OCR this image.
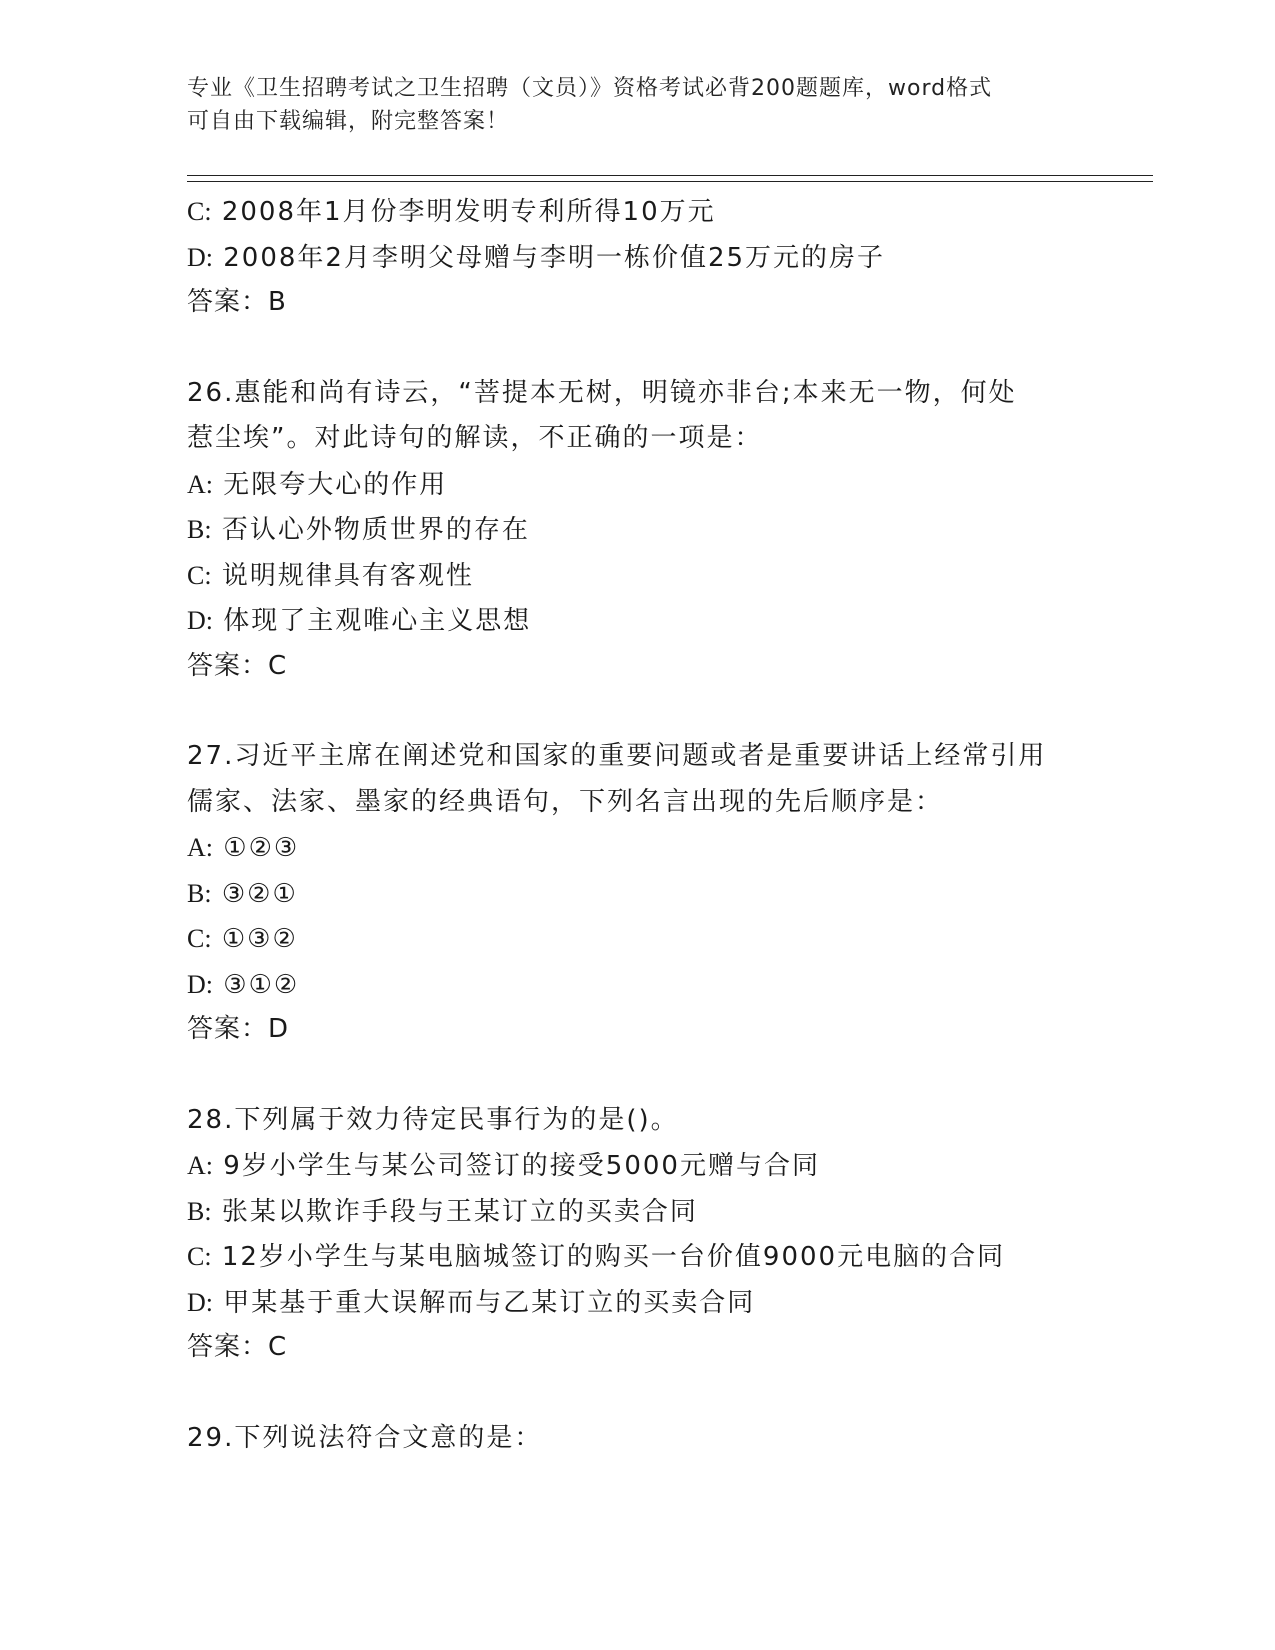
专业《卫生招聘考试之卫生招聘（文员）》资格考试必背200题题库，word格式
可自由下载编辑，附完整答案！
C: 2008年1月份李明发明专利所得10万元
D: 2008年2月李明父母赠与李明一栋价值25万元的房子
答案：B
26.惠能和尚有诗云，“菩提本无树，明镜亦非台;本来无一物，何处
惹尘埃”。对此诗句的解读，不正确的一项是：
A: 无限夸大心的作用
B: 否认心外物质世界的存在
C: 说明规律具有客观性
D: 体现了主观唯心主义思想
答案：C
27.习近平主席在阐述党和国家的重要问题或者是重要讲话上经常引用
儒家、法家、墨家的经典语句，下列名言出现的先后顺序是：
A: ①②③
B: ③②①
C: ①③②
D: ③①②
答案：D
28.下列属于效力待定民事行为的是()。
A: 9岁小学生与某公司签订的接受5000元赠与合同
B: 张某以欺诈手段与王某订立的买卖合同
C: 12岁小学生与某电脑城签订的购买一台价值9000元电脑的合同
D: 甲某基于重大误解而与乙某订立的买卖合同
答案：C
29.下列说法符合文意的是：
